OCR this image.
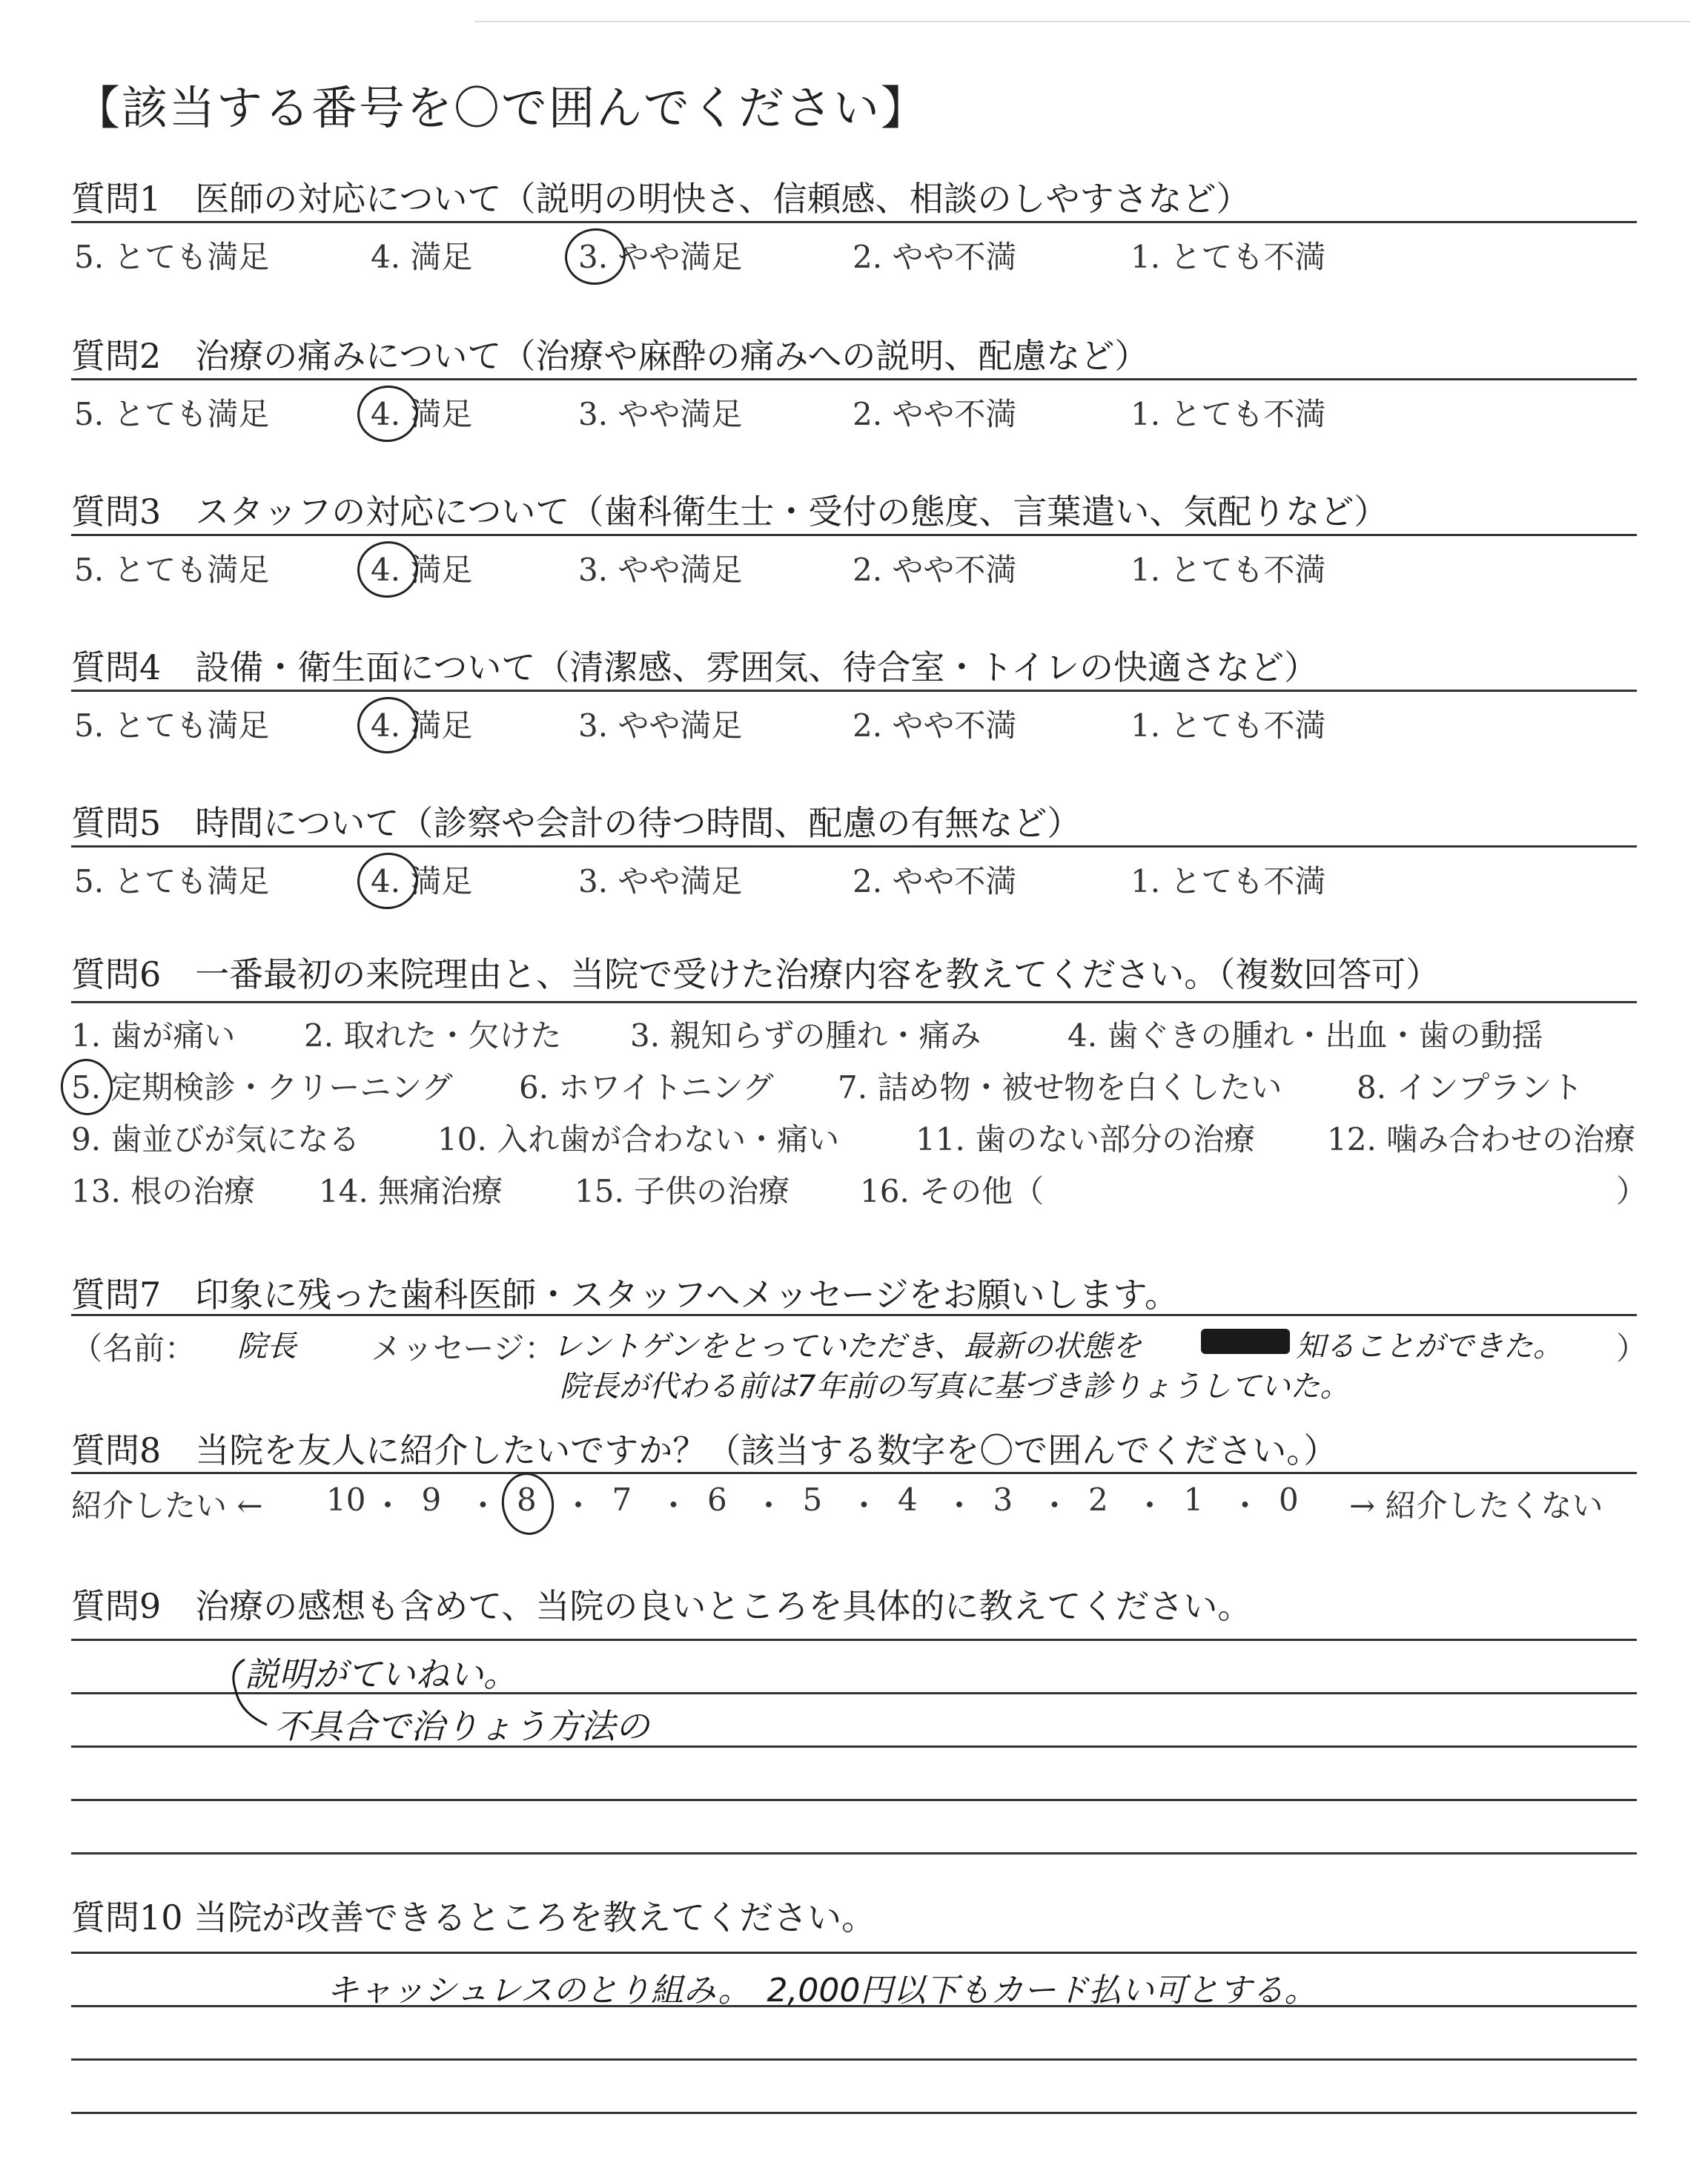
【該当する番号を〇で囲んでください】
質問1　医師の対応について（説明の明快さ、信頼感、相談のしやすさなど）
5. とても満足	4. 満足	3. やや満足	2. やや不満	1. とても不満
質問2　治療の痛みについて（治療や麻酔の痛みへの説明、配慮など）
5. とても満足	4. 満足	3. やや満足	2. やや不満	1. とても不満
質問3　スタッフの対応について（歯科衛生士・受付の態度、言葉遣い、気配りなど）
5. とても満足	4. 満足	3. やや満足	2. やや不満	1. とても不満
質問4　設備・衛生面について（清潔感、雰囲気、待合室・トイレの快適さなど）
5. とても満足	4. 満足	3. やや満足	2. やや不満	1. とても不満
質問5　時間について（診察や会計の待つ時間、配慮の有無など）
5. とても満足	4. 満足	3. やや満足	2. やや不満	1. とても不満
質問6　一番最初の来院理由と、当院で受けた治療内容を教えてください。（複数回答可）
1. 歯が痛い 2. 取れた・欠けた 3. 親知らずの腫れ・痛み	4. 歯ぐきの腫れ・出血・歯の動揺
5. 定期検診・クリーニング 6. ホワイトニング 7. 詰め物・被せ物を白くしたい 8. インプラント
9. 歯並びが気になる 10. 入れ歯が合わない・痛い 11. 歯のない部分の治療 12. 噛み合わせの治療
13. 根の治療 14. 無痛治療 15. 子供の治療 16. その他（	）
質問7　印象に残った歯科医師・スタッフへメッセージをお願いします。
（名前： 院長 メッセージ：
レントゲンをとっていただき、最新の状態を	知ることができた。 ）
院長が代わる前は7年前の写真に基づき診りょうしていた。
質問8　当院を友人に紹介したいですか？（該当する数字を〇で囲んでください。）
紹介したい ← 10 ・ 9 ・ 8 ・ 7 ・ 6 ・ 5 ・ 4 ・ 3 ・ 2 ・ 1 ・ 0 → 紹介したくない
質問9　治療の感想も含めて、当院の良いところを具体的に教えてください。
説明がていねい。
不具合で治りょう方法の
質問10 当院が改善できるところを教えてください。
キャッシュレスのとり組み。　2,000円以下もカード払い可とする。
